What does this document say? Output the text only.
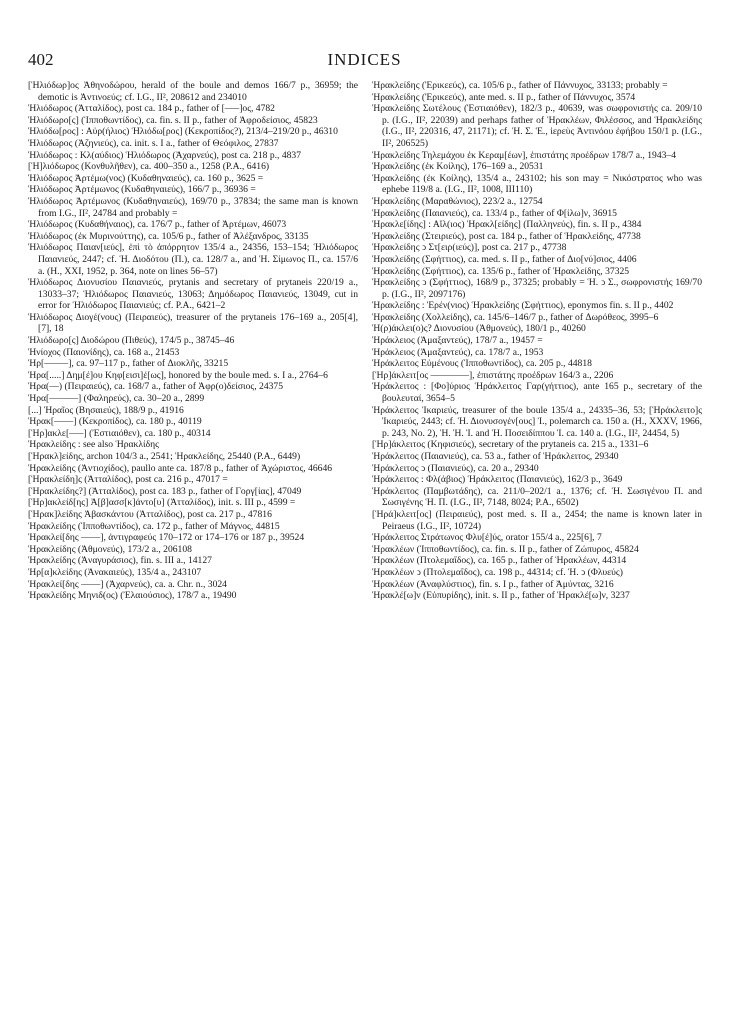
402	INDICES

[Ἡλιόδωρ]ος Ἀθηνοδώρου, herald of the boule and demos 166/7 p., 36959; the demotic is Ἀντινοεύς; cf. I.G., II², 208612 and 234010

Ἡλιόδωρος (Ἀτταλίδος), post ca. 184 p., father of [–––]ος, 4782

Ἡλιόδωρο[ς] (Ἱπποθωντίδος), ca. fin. s. II p., father of Ἀφροδείσιος, 45823

Ἡλιόδω[ρος] : Αὐρ(ήλιος) Ἡλιόδω[ρος] (Κεκροπίδος?), 213/4–219/20 p., 46310

Ἡλιόδωρος (Ἀζηνιεύς), ca. init. s. I a., father of Θεόφιλος, 27837

Ἡλιόδωρος : Κλ(αύδιος) Ἡλιόδωρος (Ἀχαρνεύς), post ca. 218 p., 4837

[Ἡ]λιόδωρος (Κονθυλῆθεν), ca. 400–350 a., 1258 (P.A., 6416)

Ἡλιόδωρος Ἀρτέμω(νος) (Κυδαθηναιεύς), ca. 160 p., 3625 =

Ἡλιόδωρος Ἀρτέμωνος (Κυδαθηναιεύς), 166/7 p., 36936 =

Ἡλιόδωρος Ἀρτέμωνος (Κυδαθηναιεύς), 169/70 p., 37834; the same man is known from I.G., II², 24784 and probably =

Ἡλιόδωρος (Κυδαθήναιος), ca. 176/7 p., father of Ἀρτέμων, 46073

Ἡλιόδωρος (ἐκ Μυρινούττης), ca. 105/6 p., father of Ἀλέξανδρος, 33135

Ἡλιόδωρος Παιαν[ιεύς], ἐπὶ τὸ ἀπόρρητον 135/4 a., 24356, 153–154; Ἡλιόδωρος Παιανιεύς, 2447; cf. Ἡ. Διοδότου (Π.), ca. 128/7 a., and Ἡ. Σίμωνος Π., ca. 157/6 a. (H., XXI, 1952, p. 364, note on lines 56–57)

Ἡλιόδωρος Διονυσίου Παιανιεύς, prytanis and secretary of prytaneis 220/19 a., 13033–37; Ἡλιόδωρος Παιανιεύς, 13063; Δημόδωρος Παιανιεύς, 13049, cut in error for Ἡλιόδωρος Παιανιεύς; cf. P.A., 6421–2

Ἡλιόδωρος Διογέ(νους) (Πειραιεύς), treasurer of the prytaneis 176–169 a., 205[4], [7], 18

Ἡλιόδωρο[ς] Διοδώρου (Πιθεύς), 174/5 p., 38745–46

Ἡνίοχος (Παιονίδης), ca. 168 a., 21453

Ἡρ[–––––], ca. 97–117 p., father of Διοκλῆς, 33215

Ἡρα[.....] Δημ[έ]ου Κηφ[εισι]έ[ως], honored by the boule med. s. I a., 2764–6

Ἡρα(––) (Πειραιεύς), ca. 168/7 a., father of Ἀφρ(ο)δείσιος, 24375

Ἡρα[––––––] (Φαληρεύς), ca. 30–20 a., 2899

[...] Ἡραῖος (Βησαιεύς), 188/9 p., 41916

Ἡρακ[––––] (Κεκροπίδος), ca. 180 p., 40119

[Ἡρ]ακλε[–––] (Ἐστιαιόθεν), ca. 180 p., 40314

Ἡρακλείδης : see also Ἡρακλίδης

[Ἡρακλ]είδης, archon 104/3 a., 2541; Ἡρακλείδης, 25440 (P.A., 6449)

Ἡρακλείδης (Ἀντιοχίδος), paullo ante ca. 187/8 p., father of Ἀχώριστος, 46646

[Ἡρακλείδη]ς (Ἀτταλίδος), post ca. 216 p., 47017 =

[Ἡρακλείδης?] (Ἀτταλίδος), post ca. 183 p., father of Γοργ[ίας], 47049

[Ἡρ]ακλείδ[ης] Ἀ[β]ασσ[κ]άντο[υ] (Ἀτταλίδος), init. s. III p., 4599 =

[Ἡρακ]λείδης Ἀβασκάντου (Ἀτταλίδος), post ca. 217 p., 47816

Ἡρακλείδης (Ἱπποθωντίδος), ca. 172 p., father of Μάγνος, 44815

Ἡρακλεί[δης ––––], ἀντιγραφεύς 170–172 or 174–176 or 187 p., 39524

Ἡρακλείδης (Ἀθμονεύς), 173/2 a., 206108

Ἡρακλείδης (Ἀναγυράσιος), fin. s. III a., 14127

Ἡρ[α]κλείδης (Ἀνακαιεύς), 135/4 a., 243107

Ἡρακλεί[δης ––––] (Ἀχαρνεύς), ca. a. Chr. n., 3024

Ἡρακλείδης Μηνιδ(ος) (Ἐλαιούσιος), 178/7 a., 19490

Ἡρακλείδης (Ἐρικεεύς), ca. 105/6 p., father of Πάννυχος, 33133; probably =

Ἡρακλείδης (Ἐρικεεύς), ante med. s. II p., father of Πάννυχος, 3574

Ἡρακλείδης Σωτέλους (Ἑστιαιόθεν), 182/3 p., 40639, was σωφρονιστής ca. 209/10 p. (I.G., II², 22039) and perhaps father of Ἡρακλέων, Φιλέσσος, and Ἡρακλείδης (I.G., II², 220316, 47, 21171); cf. Ἡ. Σ. Ἑ., ἱερεὺς Ἀντινόου ἐφήβου 150/1 p. (I.G., II², 206525)

Ἡρακλείδης Τηλεμάχου ἐκ Κεραμ[έων], ἐπιστάτης προέδρων 178/7 a., 1943–4

Ἡρακλείδης (ἐκ Κοίλης), 176–169 a., 20531

Ἡρακλείδης (ἐκ Κοίλης), 135/4 a., 243102; his son may = Νικόστρατος who was ephebe 119/8 a. (I.G., II², 1008, III110)

Ἡρακλείδης (Μαραθώνιος), 223/2 a., 12754

Ἡρακλείδης (Παιανιεύς), ca. 133/4 p., father of Φ[ίλω]ν, 36915

Ἡρακλε[ίδης] : Αἴλ(ιος) Ἡρακλ[είδης] (Παλληνεύς), fin. s. II p., 4384

Ἡρακλείδης (Στειριεύς), post ca. 184 p., father of Ἡρακλείδης, 47738

Ἡρακλείδης ↄ Στ[ειρ(ιεύς)], post ca. 217 p., 47738

Ἡρακλείδης (Σφήττιος), ca. med. s. II p., father of Διο[νύ]σιος, 4406

Ἡρακλείδης (Σφήττιος), ca. 135/6 p., father of Ἡρακλείδης, 37325

Ἡρακλείδης ↄ (Σφήττιος), 168/9 p., 37325; probably = Ἡ. ↄ Σ., σωφρονιστής 169/70 p. (I.G., II², 2097176)

Ἡρακλείδης : Ἐρέν(νιος) Ἡρακλείδης (Σφήττιος), eponymos fin. s. II p., 4402

Ἡρακλείδης (Χολλείδης), ca. 145/6–146/7 p., father of Δωρόθεος, 3995–6

Ἡ(ρ)άκλει(ο)ς? Διονυσίου (Ἀθμονεύς), 180/1 p., 40260

Ἡράκλειος (Ἀμαξαντεύς), 178/7 a., 19457 =

Ἡράκλειος (Ἀμαξαντεύς), ca. 178/7 a., 1953

Ἡράκλειτος Εὐμένους (Ἱπποθωντίδος), ca. 205 p., 44818

[Ἡρ]άκλειτ[ος ––––––––], ἐπιστάτης προέδρων 164/3 a., 2206

Ἡράκλειτος : [Φο]ύριος Ἡράκλειτος Γαρ(γήττιος), ante 165 p., secretary of the βουλευταί, 3654–5

Ἡράκλειτος Ἰκαριεύς, treasurer of the boule 135/4 a., 24335–36, 53; [Ἡράκλειτο]ς Ἰκαριεύς, 2443; cf. Ἡ. Διονυσογέν[ους] Ἰ., polemarch ca. 150 a. (H., XXXV, 1966, p. 243, No. 2), Ἡ. Ἡ. Ἰ. and Ἡ. Ποσειδίππου Ἰ. ca. 140 a. (I.G., II², 24454, 5)

[Ἡρ]άκλειτος (Κηφισιεύς), secretary of the prytaneis ca. 215 a., 1331–6

Ἡράκλειτος (Παιανιεύς), ca. 53 a., father of Ἡράκλειτος, 29340

Ἡράκλειτος ↄ (Παιανιεύς), ca. 20 a., 29340

Ἡράκλειτος : Φλ(άβιος) Ἡράκλειτος (Παιανιεύς), 162/3 p., 3649

Ἡράκλειτος (Παμβωτάδης), ca. 211/0–202/1 a., 1376; cf. Ἡ. Σωσιγένου Π. and Σωσιγένης Ἡ. Π. (I.G., II², 7148, 8024; P.A., 6502)

[Ἡρά]κλειτ[ος] (Πειραιεύς), post med. s. II a., 2454; the name is known later in Peiraeus (I.G., II², 10724)

Ἡράκλειτος Στράτωνος Φλυ[έ]ύς, orator 155/4 a., 225[6], 7

Ἡρακλέων (Ἱπποθωντίδος), ca. fin. s. II p., father of Ζώπυρος, 45824

Ἡρακλέων (Πτολεμαΐδος), ca. 165 p., father of Ἡρακλέων, 44314

Ἡρακλέων ↄ (Πτολεμαΐδος), ca. 198 p., 44314; cf. Ἡ. ↄ (Φλυεύς)

Ἡρακλέων (Ἀναφλύστιος), fin. s. I p., father of Ἀμύντας, 3216

Ἡρακλέ[ω]ν (Εὐπυρίδης), init. s. II p., father of Ἡρακλέ[ω]ν, 3237
